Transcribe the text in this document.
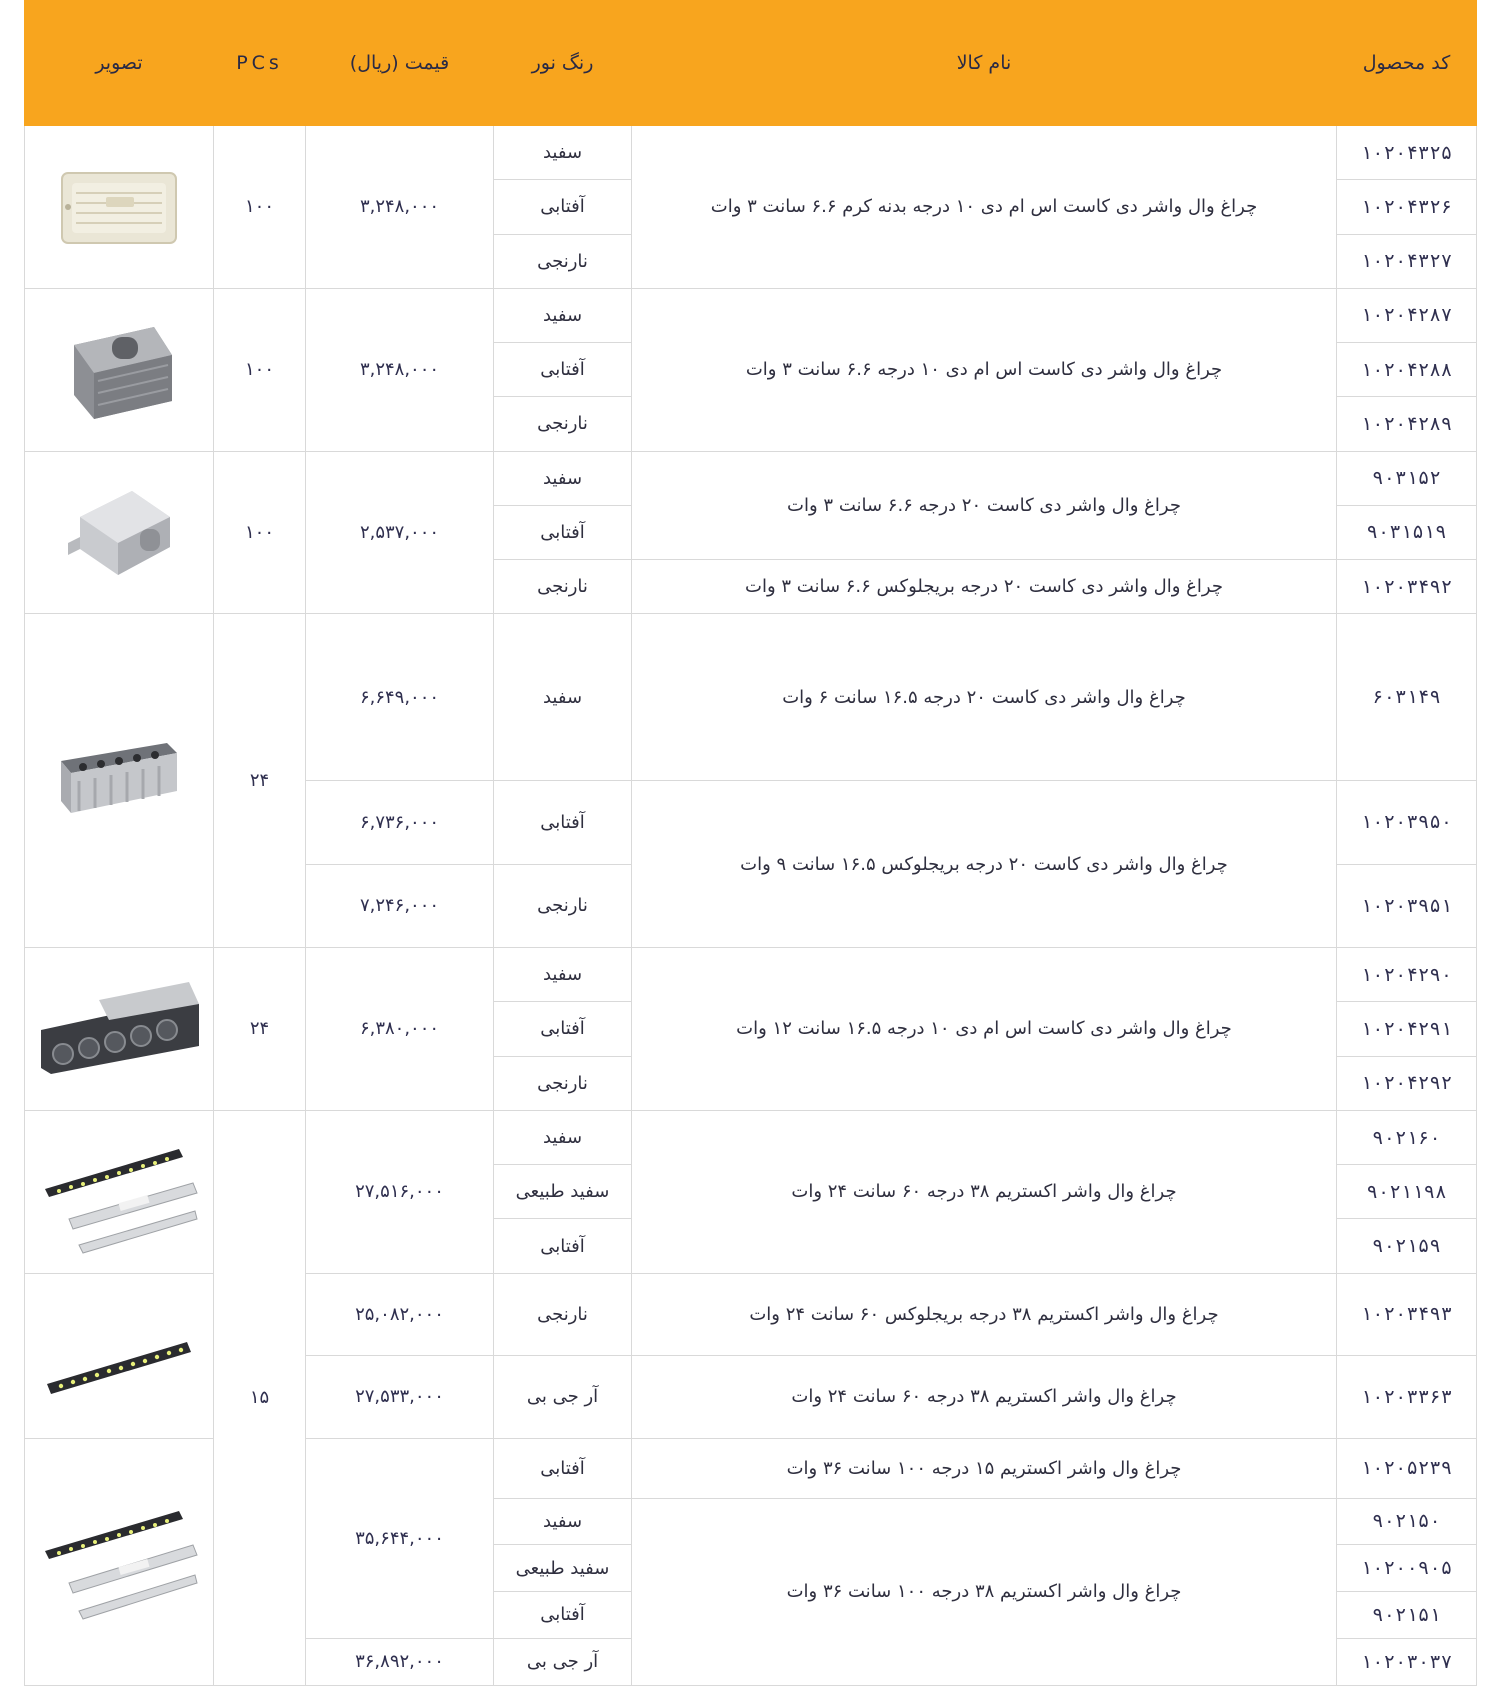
کد محصول	نام کالا	رنگ نور	قیمت (ریال)	PCs	تصویر
۱۰۲۰۴۳۲۵	چراغ وال واشر دی کاست اس ام دی ۱۰ درجه بدنه کرم ۶.۶ سانت ۳ وات	سفید	۳,۲۴۸,۰۰۰	۱۰۰	

۱۰۲۰۴۳۲۶		آفتابی			
۱۰۲۰۴۳۲۷		نارنجی			
۱۰۲۰۴۲۸۷	چراغ وال واشر دی کاست اس ام دی ۱۰ درجه ۶.۶ سانت ۳ وات	سفید	۳,۲۴۸,۰۰۰	۱۰۰	

۱۰۲۰۴۲۸۸		آفتابی			
۱۰۲۰۴۲۸۹		نارنجی			
۹۰۳۱۵۲	چراغ وال واشر دی کاست ۲۰ درجه ۶.۶ سانت ۳ وات	سفید	۲,۵۳۷,۰۰۰	۱۰۰	

۹۰۳۱۵۱۹		آفتابی			
۱۰۲۰۳۴۹۲	چراغ وال واشر دی کاست ۲۰ درجه بریجلوکس ۶.۶ سانت ۳ وات	نارنجی			
۶۰۳۱۴۹	چراغ وال واشر دی کاست ۲۰ درجه ۱۶.۵ سانت ۶ وات	سفید	۶,۶۴۹,۰۰۰	۲۴	

۱۰۲۰۳۹۵۰	چراغ وال واشر دی کاست ۲۰ درجه بریجلوکس ۱۶.۵ سانت ۹ وات	آفتابی	۶,۷۳۶,۰۰۰		
۱۰۲۰۳۹۵۱		نارنجی	۷,۲۴۶,۰۰۰		
۱۰۲۰۴۲۹۰	چراغ وال واشر دی کاست اس ام دی ۱۰ درجه ۱۶.۵ سانت ۱۲ وات	سفید	۶,۳۸۰,۰۰۰	۲۴	

۱۰۲۰۴۲۹۱		آفتابی			
۱۰۲۰۴۲۹۲		نارنجی			
۹۰۲۱۶۰	چراغ وال واشر اکستریم ۳۸ درجه ۶۰ سانت ۲۴ وات	سفید	۲۷,۵۱۶,۰۰۰	۱۵	

۹۰۲۱۱۹۸		سفید طبیعی			
۹۰۲۱۵۹		آفتابی			
۱۰۲۰۳۴۹۳	چراغ وال واشر اکستریم ۳۸ درجه بریجلوکس ۶۰ سانت ۲۴ وات	نارنجی	۲۵,۰۸۲,۰۰۰	

۱۰۲۰۳۳۶۳	چراغ وال واشر اکستریم ۳۸ درجه ۶۰ سانت ۲۴ وات	آر جی بی	۲۷,۵۳۳,۰۰۰		
۱۰۲۰۵۲۳۹	چراغ وال واشر اکستریم ۱۵ درجه ۱۰۰ سانت ۳۶ وات	آفتابی	۳۵,۶۴۴,۰۰۰	

۹۰۲۱۵۰	چراغ وال واشر اکستریم ۳۸ درجه ۱۰۰ سانت ۳۶ وات	سفید			
۱۰۲۰۰۹۰۵		سفید طبیعی			
۹۰۲۱۵۱		آفتابی			
۱۰۲۰۳۰۳۷		آر جی بی	۳۶,۸۹۲,۰۰۰		
